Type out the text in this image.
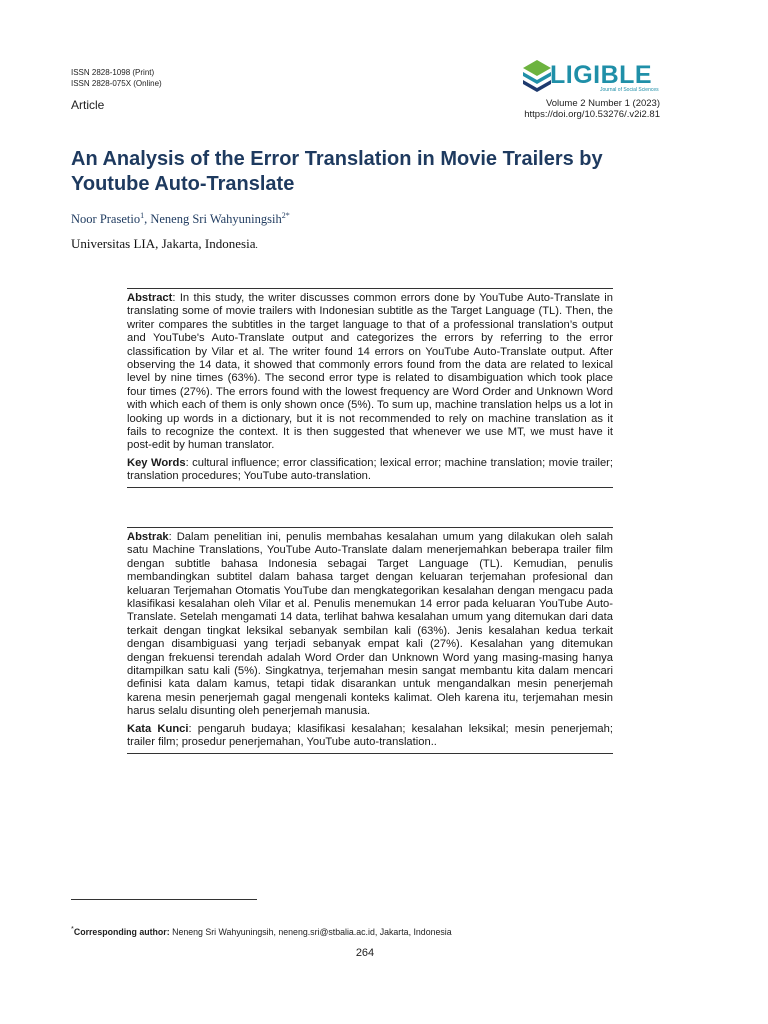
ISSN 2828-1098 (Print)
ISSN 2828-075X (Online)
Article
LIGIBLE
Journal of Social Sciences
Volume 2 Number 1 (2023)
https://doi.org/10.53276/.v2i2.81
An Analysis of the Error Translation in Movie Trailers by Youtube Auto-Translate
Noor Prasetio$^1$, Neneng Sri Wahyuningsih$^{2*}$
Universitas LIA, Jakarta, Indonesia.

Abstract: In this study, the writer discusses common errors done by YouTube Auto-Translate in translating some of movie trailers with Indonesian subtitle as the Target Language (TL). Then, the writer compares the subtitles in the target language to that of a professional translation’s output and YouTube's Auto-Translate output and categorizes the errors by referring to the error classification by Vilar et al. The writer found 14 errors on YouTube Auto-Translate output. After observing the 14 data, it showed that commonly errors found from the data are related to lexical level by nine times (63%). The second error type is related to disambiguation which took place four times (27%). The errors found with the lowest frequency are Word Order and Unknown Word with which each of them is only shown once (5%). To sum up, machine translation helps us a lot in looking up words in a dictionary, but it is not recommended to rely on machine translation as it fails to recognize the context. It is then suggested that whenever we use MT, we must have it post-edit by human translator.

Key Words: cultural influence; error classification; lexical error; machine translation; movie trailer; translation procedures; YouTube auto-translation.

Abstrak: Dalam penelitian ini, penulis membahas kesalahan umum yang dilakukan oleh salah satu Machine Translations, YouTube Auto-Translate dalam menerjemahkan beberapa trailer film dengan subtitle bahasa Indonesia sebagai Target Language (TL). Kemudian, penulis membandingkan subtitel dalam bahasa target dengan keluaran terjemahan profesional dan keluaran Terjemahan Otomatis YouTube dan mengkategorikan kesalahan dengan mengacu pada klasifikasi kesalahan oleh Vilar et al. Penulis menemukan 14 error pada keluaran YouTube Auto-Translate. Setelah mengamati 14 data, terlihat bahwa kesalahan umum yang ditemukan dari data terkait dengan tingkat leksikal sebanyak sembilan kali (63%). Jenis kesalahan kedua terkait dengan disambiguasi yang terjadi sebanyak empat kali (27%). Kesalahan yang ditemukan dengan frekuensi terendah adalah Word Order dan Unknown Word yang masing-masing hanya ditampilkan satu kali (5%). Singkatnya, terjemahan mesin sangat membantu kita dalam mencari definisi kata dalam kamus, tetapi tidak disarankan untuk mengandalkan mesin penerjemah karena mesin penerjemah gagal mengenali konteks kalimat. Oleh karena itu, terjemahan mesin harus selalu disunting oleh penerjemah manusia.

Kata Kunci: pengaruh budaya; klasifikasi kesalahan; kesalahan leksikal; mesin penerjemah; trailer film; prosedur penerjemahan, YouTube auto-translation..

*Corresponding author: Neneng Sri Wahyuningsih, neneng.sri@stbalia.ac.id, Jakarta, Indonesia
264
